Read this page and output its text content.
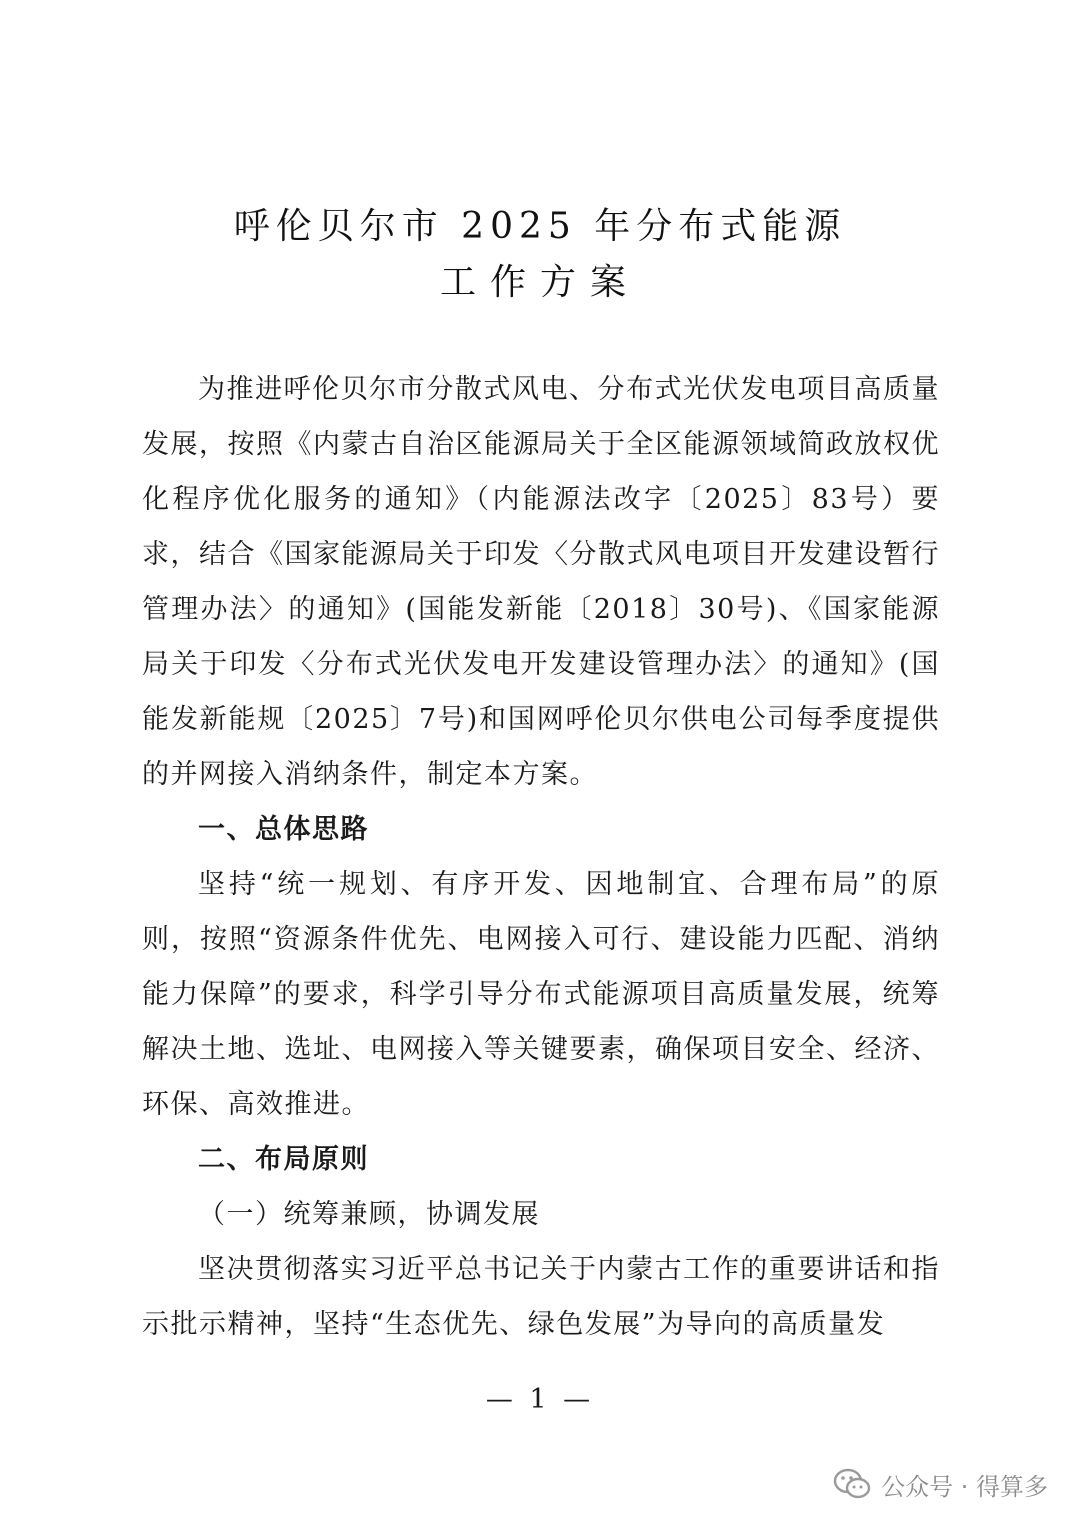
呼伦贝尔市 2025 年分布式能源
工作方案

为推进呼伦贝尔市分散式风电、分布式光伏发电项目高质量发展，按照《内蒙古自治区能源局关于全区能源领域简政放权优化程序优化服务的通知》（内能源法改字〔2025〕83号）要求，结合《国家能源局关于印发〈分散式风电项目开发建设暂行管理办法〉的通知》(国能发新能〔2018〕30号)、《国家能源局关于印发〈分布式光伏发电开发建设管理办法〉的通知》(国能发新能规〔2025〕7号)和国网呼伦贝尔供电公司每季度提供的并网接入消纳条件，制定本方案。

一、总体思路

坚持“统一规划、有序开发、因地制宜、合理布局”的原则，按照“资源条件优先、电网接入可行、建设能力匹配、消纳能力保障”的要求，科学引导分布式能源项目高质量发展，统筹解决土地、选址、电网接入等关键要素，确保项目安全、经济、环保、高效推进。

二、布局原则

（一）统筹兼顾，协调发展

坚决贯彻落实习近平总书记关于内蒙古工作的重要讲话和指示批示精神，坚持“生态优先、绿色发展”为导向的高质量发

— 1 —
公众号 · 得算多
